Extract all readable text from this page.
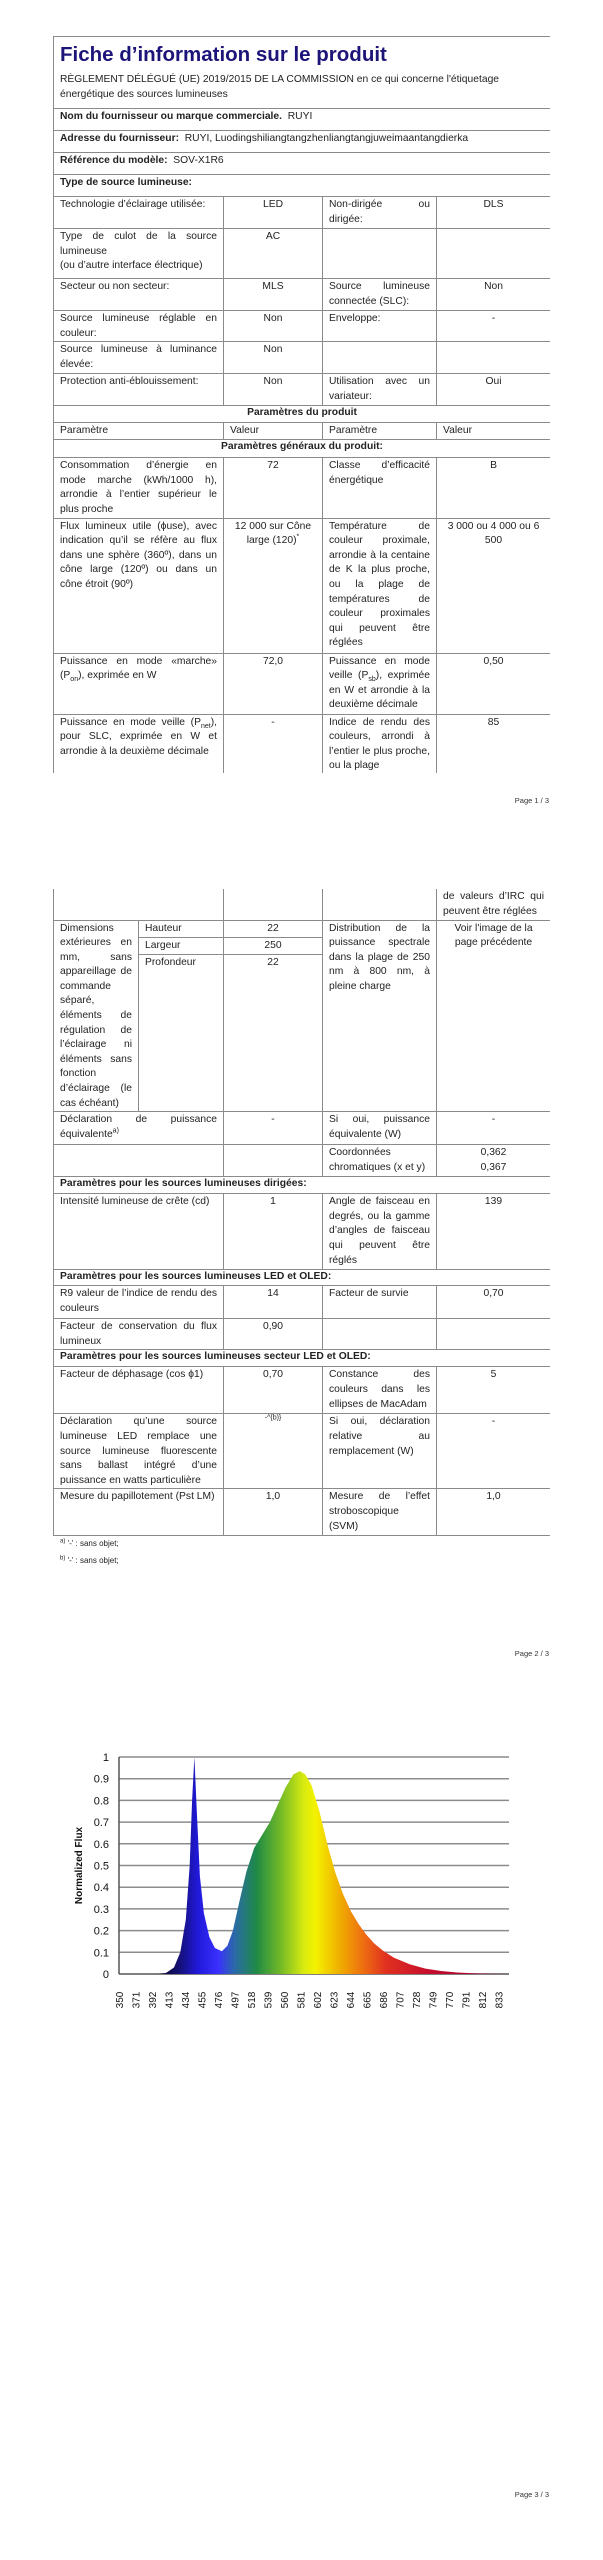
Fiche d’information sur le produit
RÈGLEMENT DÉLÉGUÉ (UE) 2019/2015 DE LA COMMISSION en ce qui concerne l'étiquetage énergétique des sources lumineuses			

Nom du fournisseur ou marque commerciale.  RUYI			
Adresse du fournisseur:  RUYI, Luodingshiliangtangzhenliangtangjuweimaantangdierka			
Référence du modèle:  SOV-X1R6			
Type de source lumineuse:			
Technologie d’éclairage utilisée:	LED	Non-dirigée ou dirigée:	DLS
Type de culot de la source lumineuse
(ou d’autre interface électrique)	AC		
Secteur ou non secteur:	MLS	Source lumineuse connectée (SLC):	Non
Source lumineuse réglable en couleur:	Non	Enveloppe:	-
Source lumineuse à luminance élevée:	Non		
Protection anti-éblouissement:	Non	Utilisation avec un variateur:	Oui
Paramètres du produit			
Paramètre	Valeur	Paramètre	Valeur
Paramètres généraux du produit:			
Consommation d’énergie en mode marche (kWh/1000 h), arrondie à l’entier supérieur le plus proche	72	Classe d’efficacité énergétique	B
Flux lumineux utile (ϕuse), avec indication qu’il se réfère au flux dans une sphère (360º), dans un cône large (120º) ou dans un cône étroit (90º)	12 000 sur Cône large (120)*	Température de couleur proximale, arrondie à la centaine de K la plus proche, ou la plage de températures de couleur proximales qui peuvent être réglées	3 000 ou 4 000 ou 6 500
Puissance en mode «marche» $(P_{on})$, exprimée en W	72,0	Puissance en mode veille $(P_{sb})$, exprimée en W et arrondie à la deuxième décimale	0,50
Puissance en mode veille $(P_{net})$, pour SLC, exprimée en W et arrondie à la deuxième décimale	-	Indice de rendu des couleurs, arrondi à l’entier le plus proche, ou la plage	85
Page 1 / 3
				de valeurs d’IRC qui peuvent être réglées	
Dimensions extérieures en mm, sans appareillage de commande séparé, éléments de régulation de l’éclairage ni éléments sans fonction d’éclairage (le cas échéant)	Hauteur	22	Distribution de la puissance spectrale dans la plage de 250 nm à 800 nm, à pleine charge	Voir l'image de la page précédente	
	Largeur	250			
	Profondeur	22			
Déclaration de puissance équivalente$^{a)}$		-	Si oui, puissance équivalente (W)	-	
			Coordonnées chromatiques (x et y)	0,362
0,367	
Paramètres pour les sources lumineuses dirigées:					
Intensité lumineuse de crête (cd)		1	Angle de faisceau en degrés, ou la gamme d’angles de faisceau qui peuvent être réglés	139	
Paramètres pour les sources lumineuses LED et OLED:					
R9 valeur de l’indice de rendu des couleurs		14	Facteur de survie	0,70	
Facteur de conservation du flux lumineux		0,90			
Paramètres pour les sources lumineuses secteur LED et OLED:					
Facteur de déphasage (cos ϕ1)		0,70	Constance des couleurs dans les ellipses de MacAdam	5	
Déclaration qu’une source lumineuse LED remplace une source lumineuse fluorescente sans ballast intégré d’une puissance en watts particulière		$^{-\^{}\{b)\}}$	Si oui, déclaration relative au remplacement (W)	-	
Mesure du papillotement (Pst LM)		1,0	Mesure de l’effet stroboscopique (SVM)	1,0	
$^{a)}$ '-' : sans objet;
$^{b)}$ '-' : sans objet;
Page 2 / 3
0
0.1
0.2
0.3
0.4
0.5
0.6
0.7
0.8
0.9
1
350 371 392 413 434 455 476 497 518 539 560 581 602 623 644 665 686 707 728 749 770 791 812 833
Normalized Flux
Page 3 / 3
